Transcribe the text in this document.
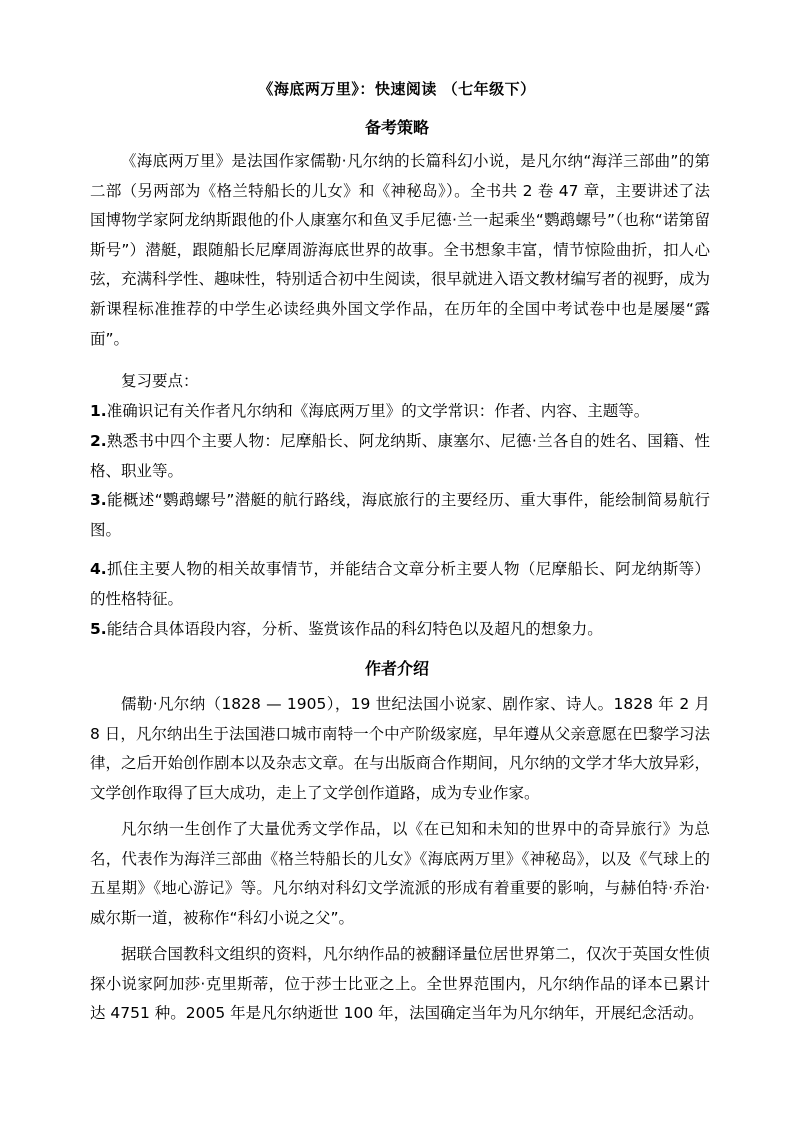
《海底两万里》：快速阅读 （七年级下）
备考策略

《海底两万里》是法国作家儒勒·凡尔纳的长篇科幻小说，是凡尔纳“海洋三部曲”的第二部（另两部为《格兰特船长的儿女》和《神秘岛》）。全书共 2 卷 47 章，主要讲述了法国博物学家阿龙纳斯跟他的仆人康塞尔和鱼叉手尼德·兰一起乘坐“鹦鹉螺号”（也称“诺第留斯号”）潜艇，跟随船长尼摩周游海底世界的故事。全书想象丰富，情节惊险曲折，扣人心弦，充满科学性、趣味性，特别适合初中生阅读，很早就进入语文教材编写者的视野，成为新课程标准推荐的中学生必读经典外国文学作品，在历年的全国中考试卷中也是屡屡“露面”。

复习要点：

1.准确识记有关作者凡尔纳和《海底两万里》的文学常识：作者、内容、主题等。

2.熟悉书中四个主要人物：尼摩船长、阿龙纳斯、康塞尔、尼德·兰各自的姓名、国籍、性格、职业等。

3.能概述“鹦鹉螺号”潜艇的航行路线，海底旅行的主要经历、重大事件，能绘制简易航行图。

4.抓住主要人物的相关故事情节，并能结合文章分析主要人物（尼摩船长、阿龙纳斯等）的性格特征。

5.能结合具体语段内容，分析、鉴赏该作品的科幻特色以及超凡的想象力。

作者介绍

儒勒·凡尔纳（1828 — 1905），19 世纪法国小说家、剧作家、诗人。1828 年 2 月 8 日，凡尔纳出生于法国港口城市南特一个中产阶级家庭，早年遵从父亲意愿在巴黎学习法律，之后开始创作剧本以及杂志文章。在与出版商合作期间，凡尔纳的文学才华大放异彩，文学创作取得了巨大成功，走上了文学创作道路，成为专业作家。

凡尔纳一生创作了大量优秀文学作品，以《在已知和未知的世界中的奇异旅行》为总名，代表作为海洋三部曲《格兰特船长的儿女》《海底两万里》《神秘岛》，以及《气球上的五星期》《地心游记》等。凡尔纳对科幻文学流派的形成有着重要的影响，与赫伯特·乔治·威尔斯一道，被称作“科幻小说之父”。

据联合国教科文组织的资料，凡尔纳作品的被翻译量位居世界第二，仅次于英国女性侦探小说家阿加莎·克里斯蒂，位于莎士比亚之上。全世界范围内，凡尔纳作品的译本已累计达 4751 种。2005 年是凡尔纳逝世 100 年，法国确定当年为凡尔纳年，开展纪念活动。
